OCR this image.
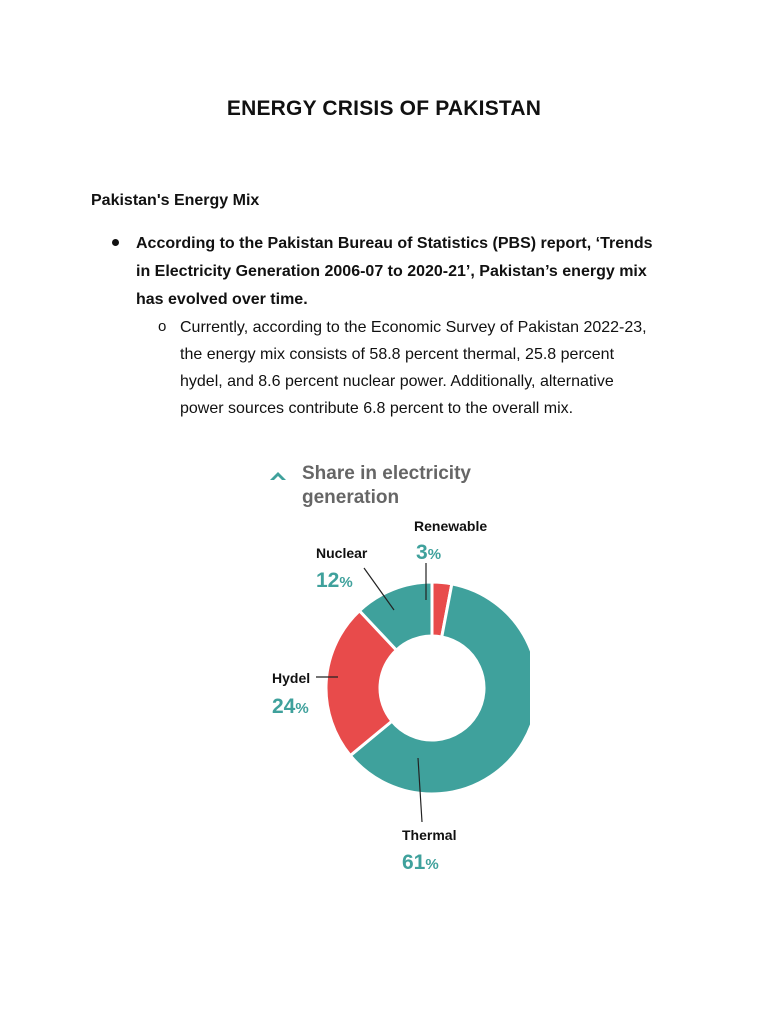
ENERGY CRISIS OF PAKISTAN
Pakistan's Energy Mix
According to the Pakistan Bureau of Statistics (PBS) report, ‘Trends in Electricity Generation 2006-07 to 2020-21’, Pakistan’s energy mix has evolved over time.
o Currently, according to the Economic Survey of Pakistan 2022-23, the energy mix consists of 58.8 percent thermal, 25.8 percent hydel, and 8.6 percent nuclear power. Additionally, alternative power sources contribute 6.8 percent to the overall mix.
Share in electricity
generation
Renewable
3%
Thermal
61%
Hydel
24%
Nuclear
12%
